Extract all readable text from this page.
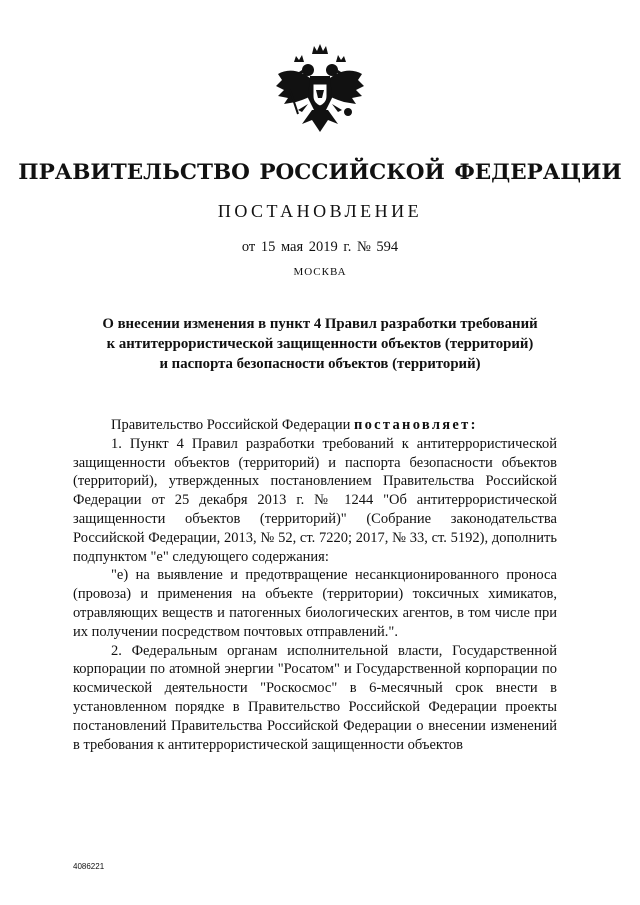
ПРАВИТЕЛЬСТВО РОССИЙСКОЙ ФЕДЕРАЦИИ
ПОСТАНОВЛЕНИЕ
от 15 мая 2019 г. № 594
МОСКВА
О внесении изменения в пункт 4 Правил разработки требований
к антитеррористической защищенности объектов (территорий)
и паспорта безопасности объектов (территорий)

Правительство Российской Федерации постановляет:

1. Пункт 4 Правил разработки требований к антитеррористической защищенности объектов (территорий) и паспорта безопасности объектов (территорий), утвержденных постановлением Правительства Российской Федерации от 25 декабря 2013 г. № 1244 "Об антитеррористической защищенности объектов (территорий)" (Собрание законодательства Российской Федерации, 2013, № 52, ст. 7220; 2017, № 33, ст. 5192), дополнить подпунктом "е" следующего содержания:

"е) на выявление и предотвращение несанкционированного проноса (провоза) и применения на объекте (территории) токсичных химикатов, отравляющих веществ и патогенных биологических агентов, в том числе при их получении посредством почтовых отправлений.".

2. Федеральным органам исполнительной власти, Государственной корпорации по атомной энергии "Росатом" и Государственной корпорации по космической деятельности "Роскосмос" в 6-месячный срок внести в установленном порядке в Правительство Российской Федерации проекты постановлений Правительства Российской Федерации о внесении изменений в требования к антитеррористической защищенности объектов

4086221
